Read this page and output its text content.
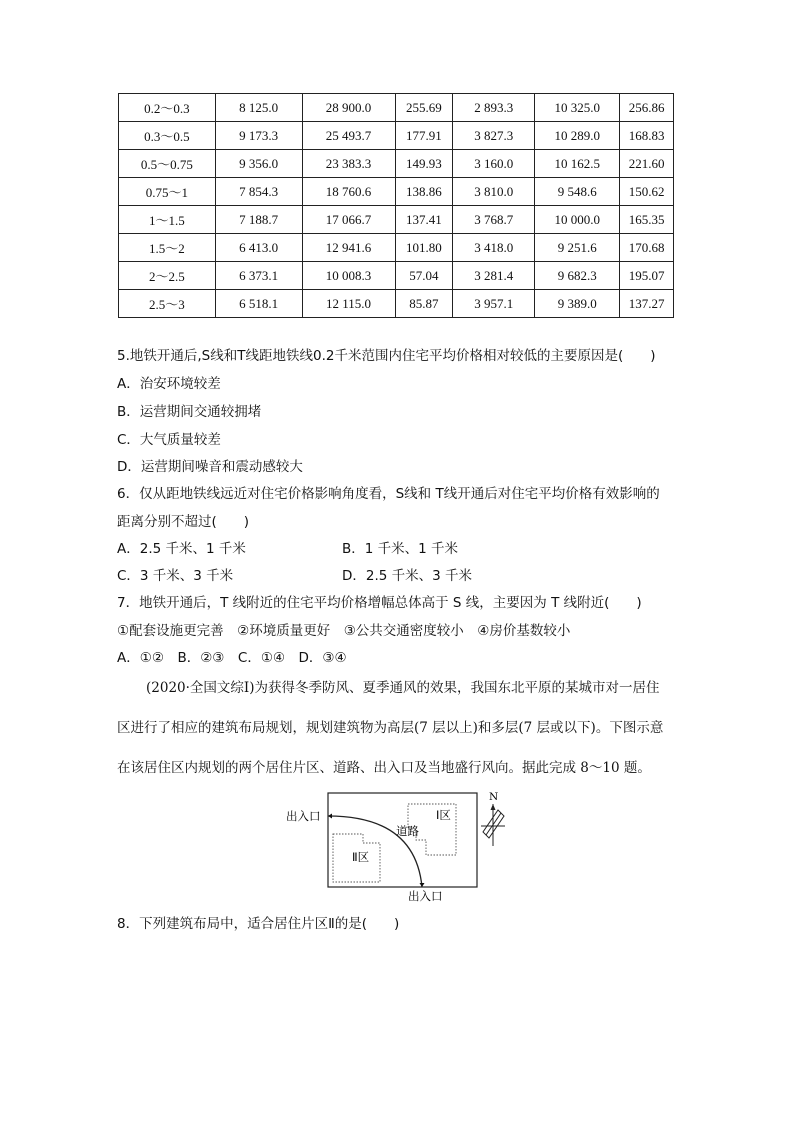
0.2～0.3	8 125.0	28 900.0	255.69	2 893.3	10 325.0	256.86
0.3～0.5	9 173.3	25 493.7	177.91	3 827.3	10 289.0	168.83
0.5～0.75	9 356.0	23 383.3	149.93	3 160.0	10 162.5	221.60
0.75～1	7 854.3	18 760.6	138.86	3 810.0	9 548.6	150.62
1～1.5	7 188.7	17 066.7	137.41	3 768.7	10 000.0	165.35
1.5～2	6 413.0	12 941.6	101.80	3 418.0	9 251.6	170.68
2～2.5	6 373.1	10 008.3	57.04	3 281.4	9 682.3	195.07
2.5～3	6 518.1	12 115.0	85.87	3 957.1	9 389.0	137.27
5.地铁开通后,S线和T线距地铁线0.2千米范围内住宅平均价格相对较低的主要原因是(　　)
A．治安环境较差
B．运营期间交通较拥堵
C．大气质量较差
D．运营期间噪音和震动感较大
6．仅从距地铁线远近对住宅价格影响角度看，S线和 T线开通后对住宅平均价格有效影响的
距离分别不超过(　　)
A．2.5 千米、1 千米	B．1 千米、1 千米
C．3 千米、3 千米	D．2.5 千米、3 千米
7．地铁开通后，T 线附近的住宅平均价格增幅总体高于 S 线，主要因为 T 线附近(　　)
①配套设施更完善　②环境质量更好　③公共交通密度较小　④房价基数较小
A．①②　B．②③　C．①④　D．③④
(2020·全国文综Ⅰ)为获得冬季防风、夏季通风的效果，我国东北平原的某城市对一居住
区进行了相应的建筑布局规划，规划建筑物为高层(7 层以上)和多层(7 层或以下)。下图示意
在该居住区内规划的两个居住片区、道路、出入口及当地盛行风向。据此完成 8～10 题。
出入口
出入口
Ⅰ区
Ⅱ区
道路
N
8．下列建筑布局中，适合居住片区Ⅱ的是(　　)
